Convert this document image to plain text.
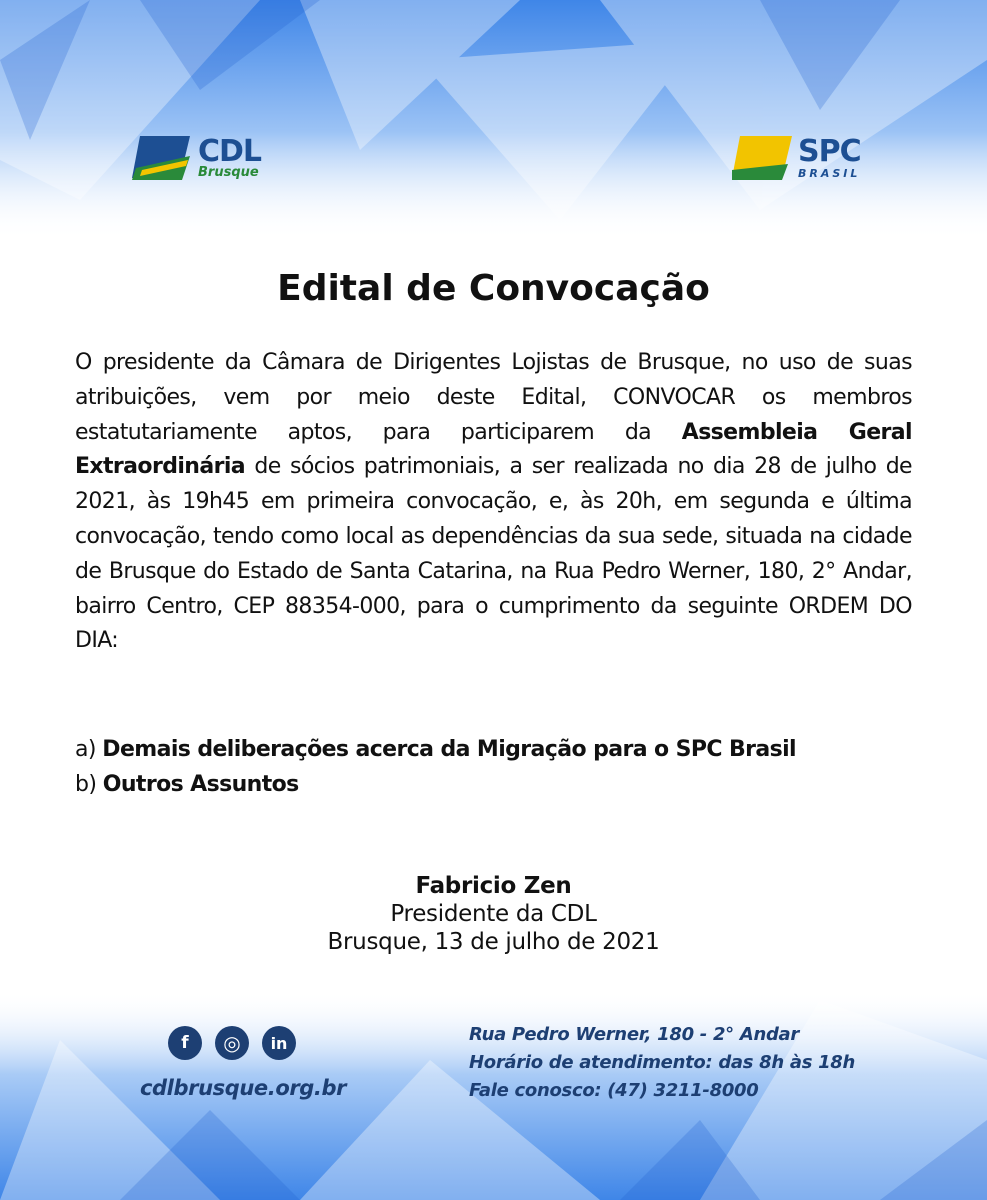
CDL
Brusque
SPC
BRASIL
Edital de Convocação
O presidente da Câmara de Dirigentes Lojistas de Brusque, no uso de suas atribuições, vem por meio deste Edital, CONVOCAR os membros estatutariamente aptos, para participarem da Assembleia Geral Extraordinária de sócios patrimoniais, a ser realizada no dia 28 de julho de 2021, às 19h45 em primeira convocação, e, às 20h, em segunda e última convocação, tendo como local as dependências da sua sede, situada na cidade de Brusque do Estado de Santa Catarina, na Rua Pedro Werner, 180, 2° Andar, bairro Centro, CEP 88354-000, para o cumprimento da seguinte ORDEM DO DIA:
a) Demais deliberações acerca da Migração para o SPC Brasil
b) Outros Assuntos
Fabricio Zen
Presidente da CDL
Brusque, 13 de julho de 2021
f	◎	in
cdlbrusque.org.br
Rua Pedro Werner, 180 - 2° Andar
Horário de atendimento: das 8h às 18h
Fale conosco: (47) 3211-8000
